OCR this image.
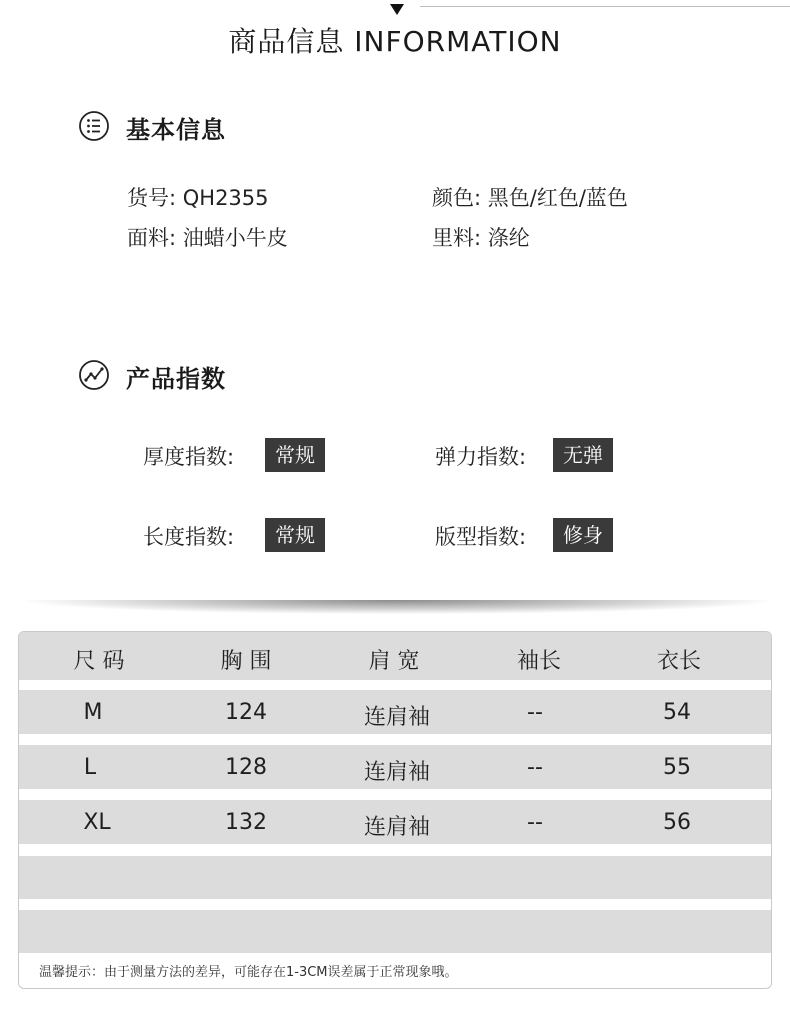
商品信息 INFORMATION
基本信息
货号: QH2355	颜色: 黑色/红色/蓝色
面料: 油蜡小牛皮	里料: 涤纶
产品指数
厚度指数:	常规	弹力指数:	无弹
长度指数:	常规	版型指数:	修身
尺 码	胸 围	肩 宽	袖长	衣长
M	124	连肩袖	--	54
L	128	连肩袖	--	55
XL	132	连肩袖	--	56
温馨提示：由于测量方法的差异，可能存在1-3CM误差属于正常现象哦。
